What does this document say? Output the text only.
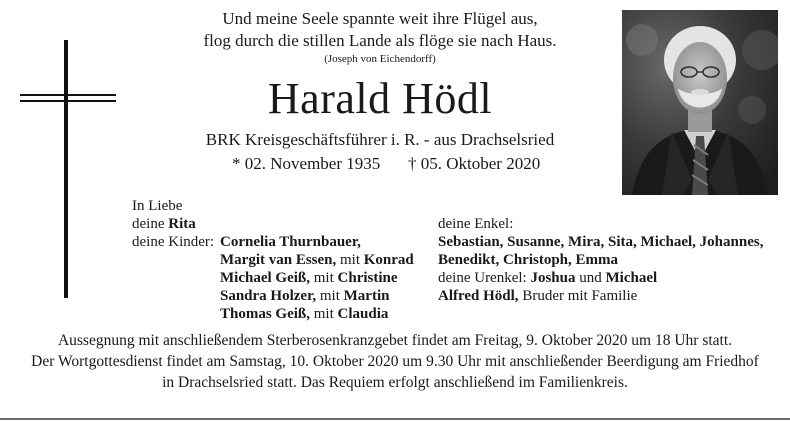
Und meine Seele spannte weit ihre Flügel aus,
flog durch die stillen Lande als flöge sie nach Haus.
(Joseph von Eichendorff)
Harald Hödl
BRK Kreisgeschäftsführer i. R. - aus Drachselsried
* 02. November 1935 † 05. Oktober 2020
In Liebe
deine Rita
deine Kinder: Cornelia Thurnbauer,
Margit van Essen, mit Konrad
Michael Geiß, mit Christine
Sandra Holzer, mit Martin
Thomas Geiß, mit Claudia
deine Enkel:
Sebastian, Susanne, Mira, Sita, Michael, Johannes,
Benedikt, Christoph, Emma
deine Urenkel: Joshua und Michael
Alfred Hödl, Bruder mit Familie
Aussegnung mit anschließendem Sterberosenkranzgebet findet am Freitag, 9. Oktober 2020 um 18 Uhr statt.
Der Wortgottesdienst findet am Samstag, 10. Oktober 2020 um 9.30 Uhr mit anschließender Beerdigung am Friedhof
in Drachselsried statt. Das Requiem erfolgt anschließend im Familienkreis.
